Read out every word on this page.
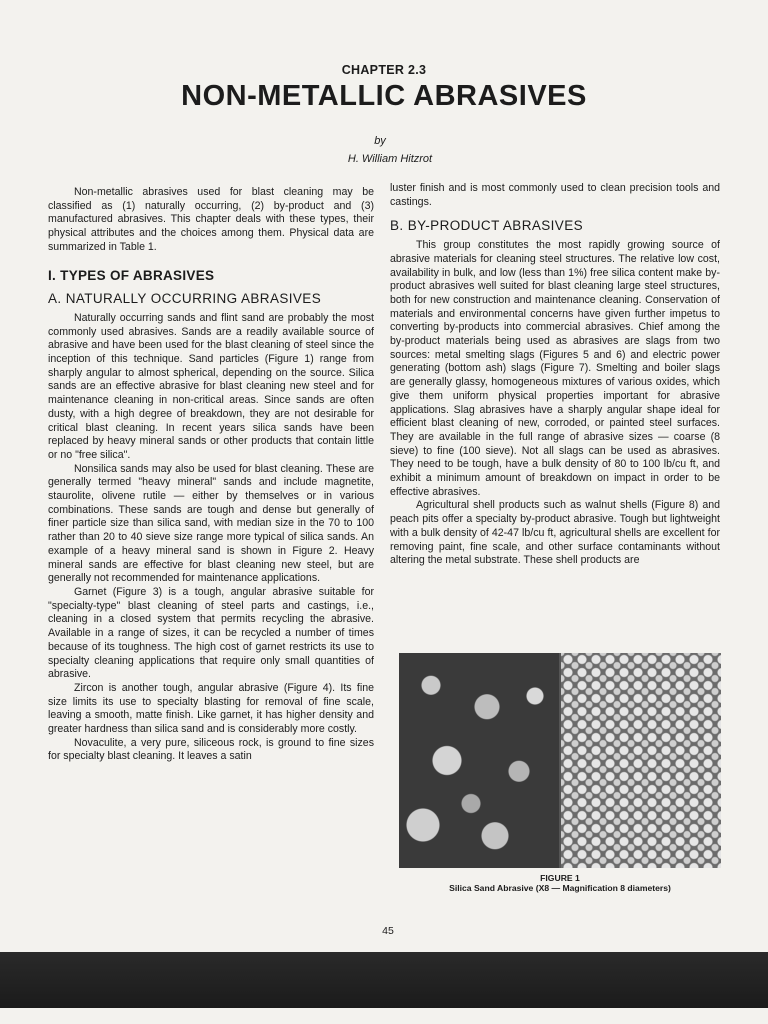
CHAPTER 2.3
NON-METALLIC ABRASIVES
by
H. William Hitzrot

Non-metallic abrasives used for blast cleaning may be classified as (1) naturally occurring, (2) by-product and (3) manufactured abrasives. This chapter deals with these types, their physical attributes and the choices among them. Physical data are summarized in Table 1.

I. TYPES OF ABRASIVES
A. NATURALLY OCCURRING ABRASIVES

Naturally occurring sands and flint sand are probably the most commonly used abrasives. Sands are a readily available source of abrasive and have been used for the blast cleaning of steel since the inception of this technique. Sand particles (Figure 1) range from sharply angular to almost spherical, depending on the source. Silica sands are an effective abrasive for blast cleaning new steel and for maintenance cleaning in non-critical areas. Since sands are often dusty, with a high degree of breakdown, they are not desirable for critical blast cleaning. In recent years silica sands have been replaced by heavy mineral sands or other products that contain little or no "free silica".

Nonsilica sands may also be used for blast cleaning. These are generally termed "heavy mineral" sands and include magnetite, staurolite, olivene rutile — either by themselves or in various combinations. These sands are tough and dense but generally of finer particle size than silica sand, with median size in the 70 to 100 rather than 20 to 40 sieve size range more typical of silica sands. An example of a heavy mineral sand is shown in Figure 2. Heavy mineral sands are effective for blast cleaning new steel, but are generally not recommended for maintenance applications.

Garnet (Figure 3) is a tough, angular abrasive suitable for "specialty-type" blast cleaning of steel parts and castings, i.e., cleaning in a closed system that permits recycling the abrasive. Available in a range of sizes, it can be recycled a number of times because of its toughness. The high cost of garnet restricts its use to specialty cleaning applications that require only small quantities of abrasive.

Zircon is another tough, angular abrasive (Figure 4). Its fine size limits its use to specialty blasting for removal of fine scale, leaving a smooth, matte finish. Like garnet, it has higher density and greater hardness than silica sand and is considerably more costly.

Novaculite, a very pure, siliceous rock, is ground to fine sizes for specialty blast cleaning. It leaves a satin

luster finish and is most commonly used to clean precision tools and castings.

B. BY-PRODUCT ABRASIVES

This group constitutes the most rapidly growing source of abrasive materials for cleaning steel structures. The relative low cost, availability in bulk, and low (less than 1%) free silica content make by-product abrasives well suited for blast cleaning large steel structures, both for new construction and maintenance cleaning. Conservation of materials and environmental concerns have given further impetus to converting by-products into commercial abrasives. Chief among the by-product materials being used as abrasives are slags from two sources: metal smelting slags (Figures 5 and 6) and electric power generating (bottom ash) slags (Figure 7). Smelting and boiler slags are generally glassy, homogeneous mixtures of various oxides, which give them uniform physical properties important for abrasive applications. Slag abrasives have a sharply angular shape ideal for efficient blast cleaning of new, corroded, or painted steel surfaces. They are available in the full range of abrasive sizes — coarse (8 sieve) to fine (100 sieve). Not all slags can be used as abrasives. They need to be tough, have a bulk density of 80 to 100 lb/cu ft, and exhibit a minimum amount of breakdown on impact in order to be effective abrasives.

Agricultural shell products such as walnut shells (Figure 8) and peach pits offer a specialty by-product abrasive. Tough but lightweight with a bulk density of 42-47 lb/cu ft, agricultural shells are excellent for removing paint, fine scale, and other surface contaminants without altering the metal substrate. These shell products are

FIGURE 1
Silica Sand Abrasive (X8 — Magnification 8 diameters)
45
